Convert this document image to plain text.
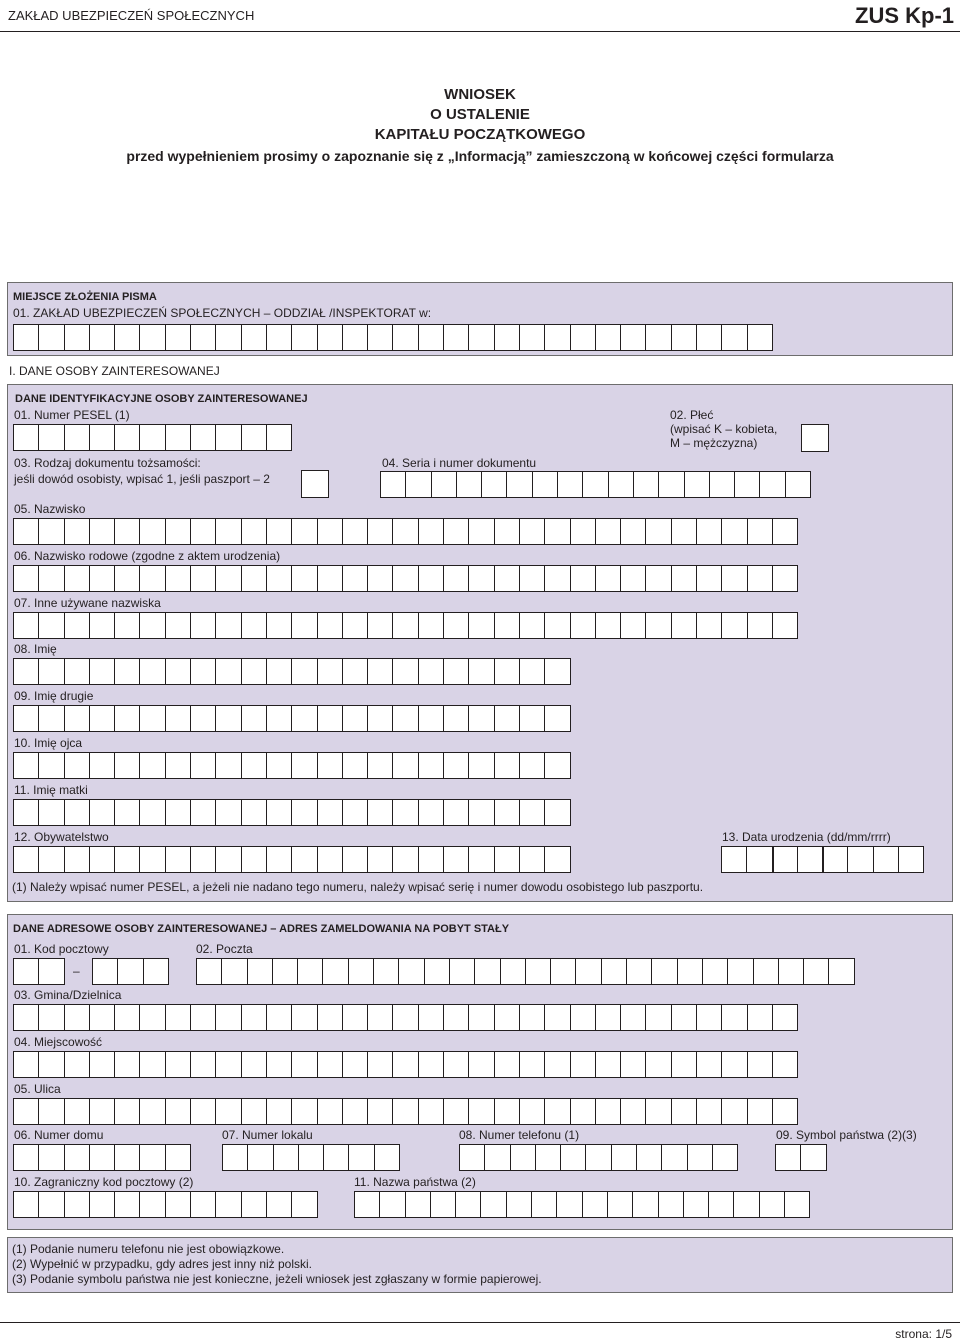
ZAKŁAD UBEZPIECZEŃ SPOŁECZNYCH	ZUS Kp-1
WNIOSEK
O USTALENIE
KAPITAŁU POCZĄTKOWEGO
przed wypełnieniem prosimy o zapoznanie się z „Informacją” zamieszczoną w końcowej części formularza
MIEJSCE ZŁOŻENIA PISMA
01. ZAKŁAD UBEZPIECZEŃ SPOŁECZNYCH – ODDZIAŁ /INSPEKTORAT w:
I. DANE OSOBY ZAINTERESOWANEJ
DANE IDENTYFIKACYJNE OSOBY ZAINTERESOWANEJ
01. Numer PESEL (1)	02. Płeć
(wpisać K – kobieta,
M – mężczyzna)
03. Rodzaj dokumentu tożsamości:
jeśli dowód osobisty, wpisać 1, jeśli paszport – 2
04. Seria i numer dokumentu
05. Nazwisko
06. Nazwisko rodowe (zgodne z aktem urodzenia)
07. Inne używane nazwiska
08. Imię
09. Imię drugie
10. Imię ojca
11. Imię matki
12. Obywatelstwo	13. Data urodzenia (dd/mm/rrrr)
(1) Należy wpisać numer PESEL, a jeżeli nie nadano tego numeru, należy wpisać serię i numer dowodu osobistego lub paszportu.
DANE ADRESOWE OSOBY ZAINTERESOWANEJ – ADRES ZAMELDOWANIA NA POBYT STAŁY
01. Kod pocztowy
–
02. Poczta
03. Gmina/Dzielnica
04. Miejscowość
05. Ulica
06. Numer domu	07. Numer lokalu	08. Numer telefonu (1)	09. Symbol państwa (2)(3)
10. Zagraniczny kod pocztowy (2)	11. Nazwa państwa (2)
(1) Podanie numeru telefonu nie jest obowiązkowe.
(2) Wypełnić w przypadku, gdy adres jest inny niż polski.
(3) Podanie symbolu państwa nie jest konieczne, jeżeli wniosek jest zgłaszany w formie papierowej.
strona: 1/5
